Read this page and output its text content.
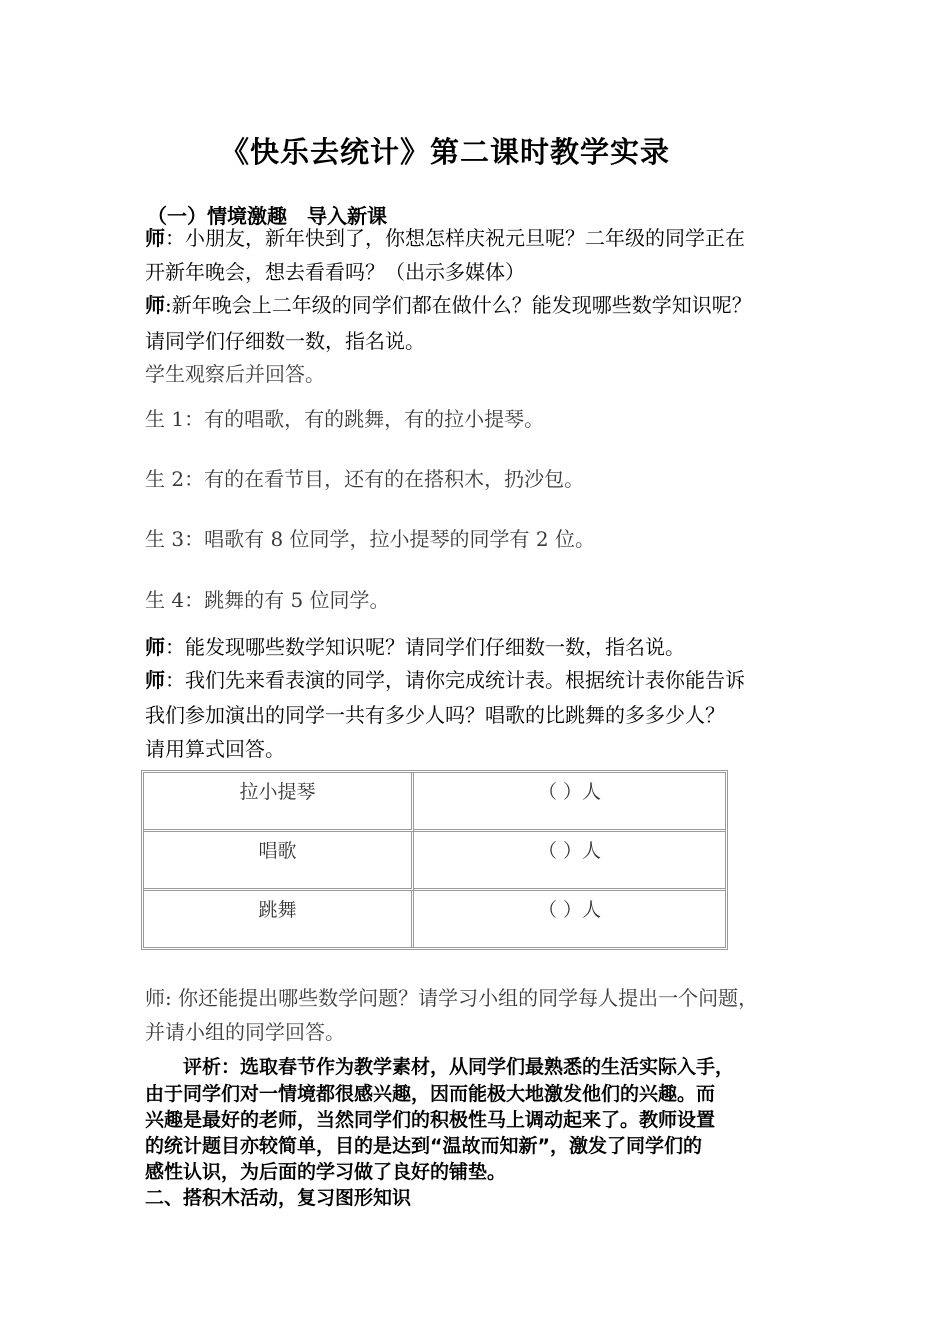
《快乐去统计》第二课时教学实录
（一）情境激趣　导入新课
师：小朋友，新年快到了，你想怎样庆祝元旦呢？二年级的同学正在
开新年晚会，想去看看吗？（出示多媒体）
师:新年晚会上二年级的同学们都在做什么？能发现哪些数学知识呢？
请同学们仔细数一数，指名说。
学生观察后并回答。
生 1：有的唱歌，有的跳舞，有的拉小提琴。
生 2：有的在看节目，还有的在搭积木，扔沙包。
生 3：唱歌有 8 位同学，拉小提琴的同学有 2 位。
生 4：跳舞的有 5 位同学。
师：能发现哪些数学知识呢？请同学们仔细数一数，指名说。
师：我们先来看表演的同学，请你完成统计表。根据统计表你能告诉
我们参加演出的同学一共有多少人吗？唱歌的比跳舞的多多少人？
请用算式回答。
拉小提琴	（ ）人
唱歌	（ ）人
跳舞	（ ）人
师: 你还能提出哪些数学问题？请学习小组的同学每人提出一个问题，
并请小组的同学回答。
　　评析：选取春节作为教学素材，从同学们最熟悉的生活实际入手，
由于同学们对一情境都很感兴趣，因而能极大地激发他们的兴趣。而
兴趣是最好的老师，当然同学们的积极性马上调动起来了。教师设置
的统计题目亦较简单，目的是达到“温故而知新”，激发了同学们的
感性认识，为后面的学习做了良好的铺垫。
二、搭积木活动，复习图形知识
